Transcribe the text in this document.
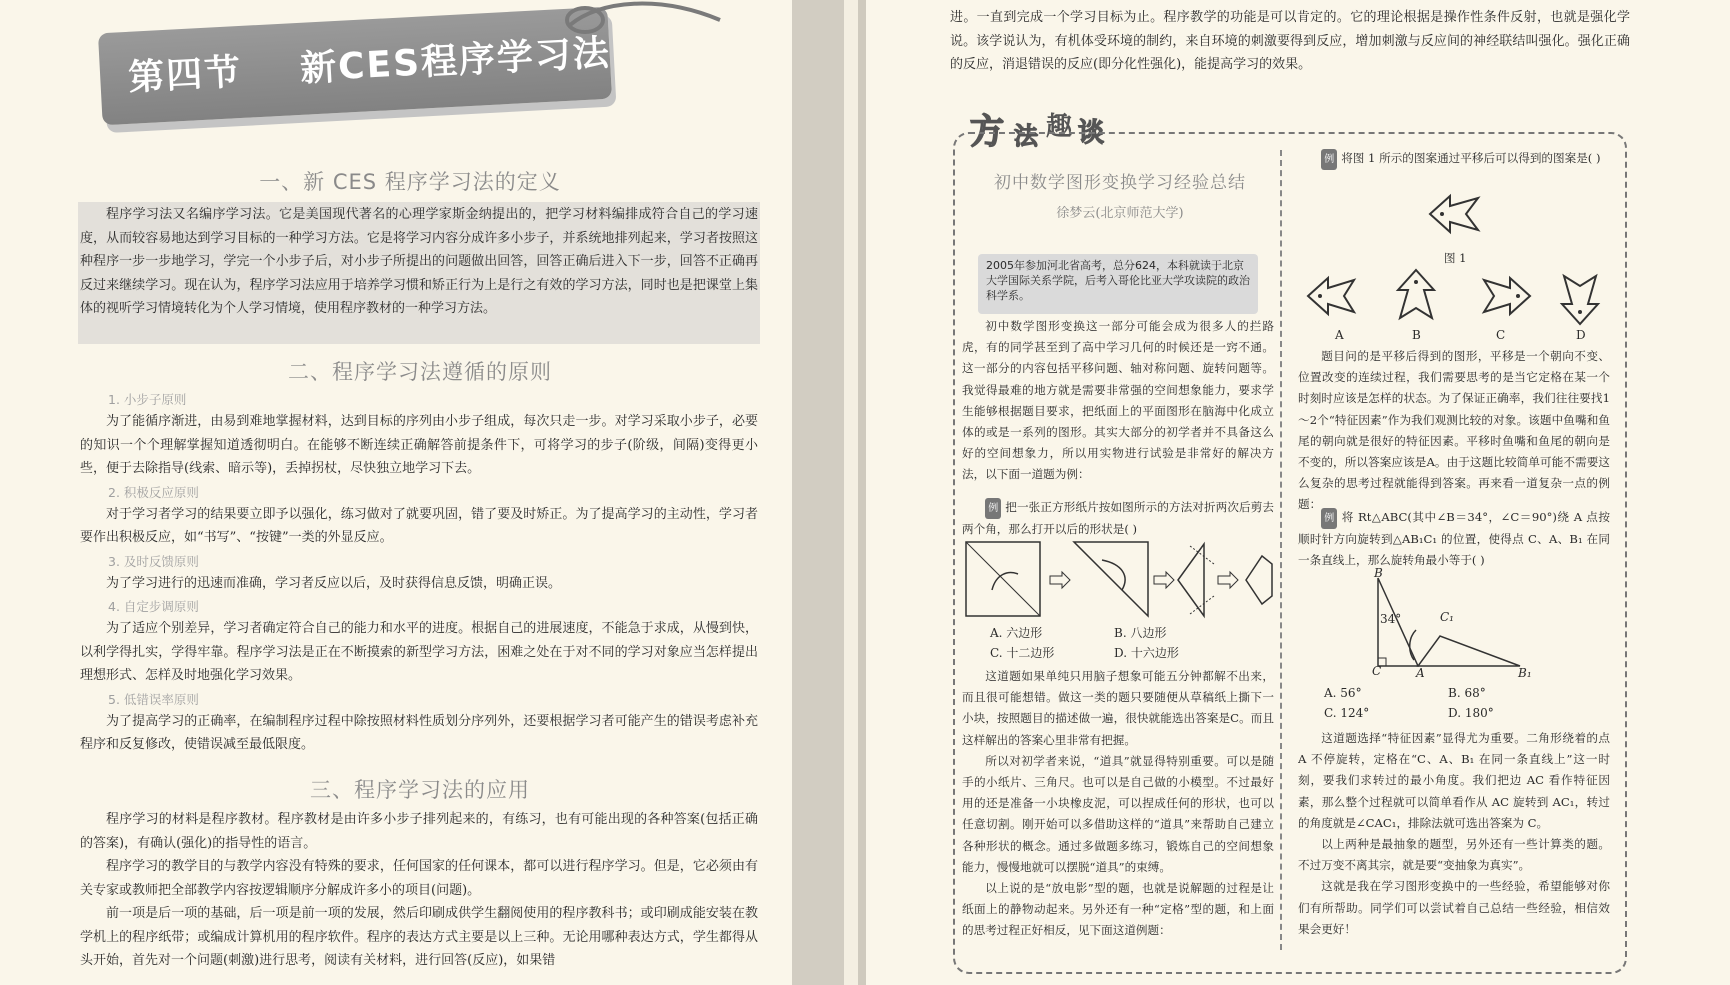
第四节    新CES程序学习法
一、新 CES 程序学习法的定义

程序学习法又名编序学习法。它是美国现代著名的心理学家斯金纳提出的，把学习材料编排成符合自己的学习速度，从而较容易地达到学习目标的一种学习方法。它是将学习内容分成许多小步子，并系统地排列起来，学习者按照这种程序一步一步地学习，学完一个小步子后，对小步子所提出的问题做出回答，回答正确后进入下一步，回答不正确再反过来继续学习。现在认为，程序学习法应用于培养学习惯和矫正行为上是行之有效的学习方法，同时也是把课堂上集体的视听学习情境转化为个人学习情境，使用程序教材的一种学习方法。

二、程序学习法遵循的原则
1. 小步子原则

为了能循序渐进，由易到难地掌握材料，达到目标的序列由小步子组成，每次只走一步。对学习采取小步子，必要的知识一个个理解掌握知道透彻明白。在能够不断连续正确解答前提条件下，可将学习的步子(阶级，间隔)变得更小些，便于去除指导(线索、暗示等)，丢掉拐杖，尽快独立地学习下去。

2. 积极反应原则

对于学习者学习的结果要立即予以强化，练习做对了就要巩固，错了要及时矫正。为了提高学习的主动性，学习者要作出积极反应，如“书写”、“按键”一类的外显反应。

3. 及时反馈原则

为了学习进行的迅速而准确，学习者反应以后，及时获得信息反馈，明确正误。

4. 自定步调原则

为了适应个别差异，学习者确定符合自己的能力和水平的进度。根据自己的进展速度，不能急于求成，从慢到快，以利学得扎实，学得牢靠。程序学习法是正在不断摸索的新型学习方法，困难之处在于对不同的学习对象应当怎样提出理想形式、怎样及时地强化学习效果。

5. 低错误率原则

为了提高学习的正确率，在编制程序过程中除按照材料性质划分序列外，还要根据学习者可能产生的错误考虑补充程序和反复修改，使错误减至最低限度。

三、程序学习法的应用

程序学习的材料是程序教材。程序教材是由许多小步子排列起来的，有练习，也有可能出现的各种答案(包括正确的答案)，有确认(强化)的指导性的语言。

程序学习的教学目的与教学内容没有特殊的要求，任何国家的任何课本，都可以进行程序学习。但是，它必须由有关专家或教师把全部教学内容按逻辑顺序分解成许多小的项目(问题)。

前一项是后一项的基础，后一项是前一项的发展，然后印刷成供学生翻阅使用的程序教科书；或印刷成能安装在教学机上的程序纸带；或编成计算机用的程序软件。程序的表达方式主要是以上三种。无论用哪种表达方式，学生都得从头开始，首先对一个问题(刺激)进行思考，阅读有关材料，进行回答(反应)，如果错

进。一直到完成一个学习目标为止。程序教学的功能是可以肯定的。它的理论根据是操作性条件反射，也就是强化学说。该学说认为，有机体受环境的制约，来自环境的刺激要得到反应，增加刺激与反应间的神经联结叫强化。强化正确的反应，消退错误的反应(即分化性强化)，能提高学习的效果。

方 法 趣 谈
初中数学图形变换学习经验总结
徐梦云(北京师范大学)
2005年参加河北省高考，总分624，本科就读于北京大学国际关系学院，后考入哥伦比亚大学攻读院的政治科学系。

初中数学图形变换这一部分可能会成为很多人的拦路虎，有的同学甚至到了高中学习几何的时候还是一窍不通。这一部分的内容包括平移问题、轴对称问题、旋转问题等。我觉得最难的地方就是需要非常强的空间想象能力，要求学生能够根据题目要求，把纸面上的平面图形在脑海中化成立体的或是一系列的图形。其实大部分的初学者并不具备这么好的空间想象力，所以用实物进行试验是非常好的解决方法，以下面一道题为例：

例 把一张正方形纸片按如图所示的方法对折两次后剪去两个角，那么打开以后的形状是( )

A. 六边形	B. 八边形
C. 十二边形	D. 十六边形

这道题如果单纯只用脑子想象可能五分钟都解不出来，而且很可能想错。做这一类的题只要随便从草稿纸上撕下一小块，按照题目的描述做一遍，很快就能选出答案是C。而且这样解出的答案心里非常有把握。

所以对初学者来说，“道具”就显得特别重要。可以是随手的小纸片、三角尺。也可以是自己做的小模型。不过最好用的还是准备一小块橡皮泥，可以捏成任何的形状，也可以任意切割。刚开始可以多借助这样的“道具”来帮助自己建立各种形状的概念。通过多做题多练习，锻炼自己的空间想象能力，慢慢地就可以摆脱“道具”的束缚。

以上说的是“放电影”型的题，也就是说解题的过程是让纸面上的静物动起来。另外还有一种“定格”型的题，和上面的思考过程正好相反，见下面这道例题：

例 将图 1 所示的图案通过平移后可以得到的图案是( )

图 1
A	B	C	D

题目问的是平移后得到的图形，平移是一个朝向不变、位置改变的连续过程，我们需要思考的是当它定格在某一个时刻时应该是怎样的状态。为了保证正确率，我们往往要找1～2个“特征因素”作为我们观测比较的对象。该题中鱼嘴和鱼尾的朝向就是很好的特征因素。平移时鱼嘴和鱼尾的朝向是不变的，所以答案应该是A。由于这题比较简单可能不需要这么复杂的思考过程就能得到答案。再来看一道复杂一点的例题：

例 将 Rt△ABC(其中∠B＝34°，∠C＝90°)绕 A 点按顺时针方向旋转到△AB₁C₁ 的位置，使得点 C、A、B₁ 在同一条直线上，那么旋转角最小等于( )

B
34°
C	A
C₁
B₁
A. 56°	B. 68°
C. 124°	D. 180°

这道题选择“特征因素”显得尤为重要。二角形绕着的点 A 不停旋转，定格在“C、A、B₁ 在同一条直线上”这一时刻，要我们求转过的最小角度。我们把边 AC 看作特征因素，那么整个过程就可以简单看作从 AC 旋转到 AC₁，转过的角度就是∠CAC₁，排除法就可选出答案为 C。

以上两种是最抽象的题型，另外还有一些计算类的题。不过万变不离其宗，就是要“变抽象为真实”。

这就是我在学习图形变换中的一些经验，希望能够对你们有所帮助。同学们可以尝试着自己总结一些经验，相信效果会更好！
